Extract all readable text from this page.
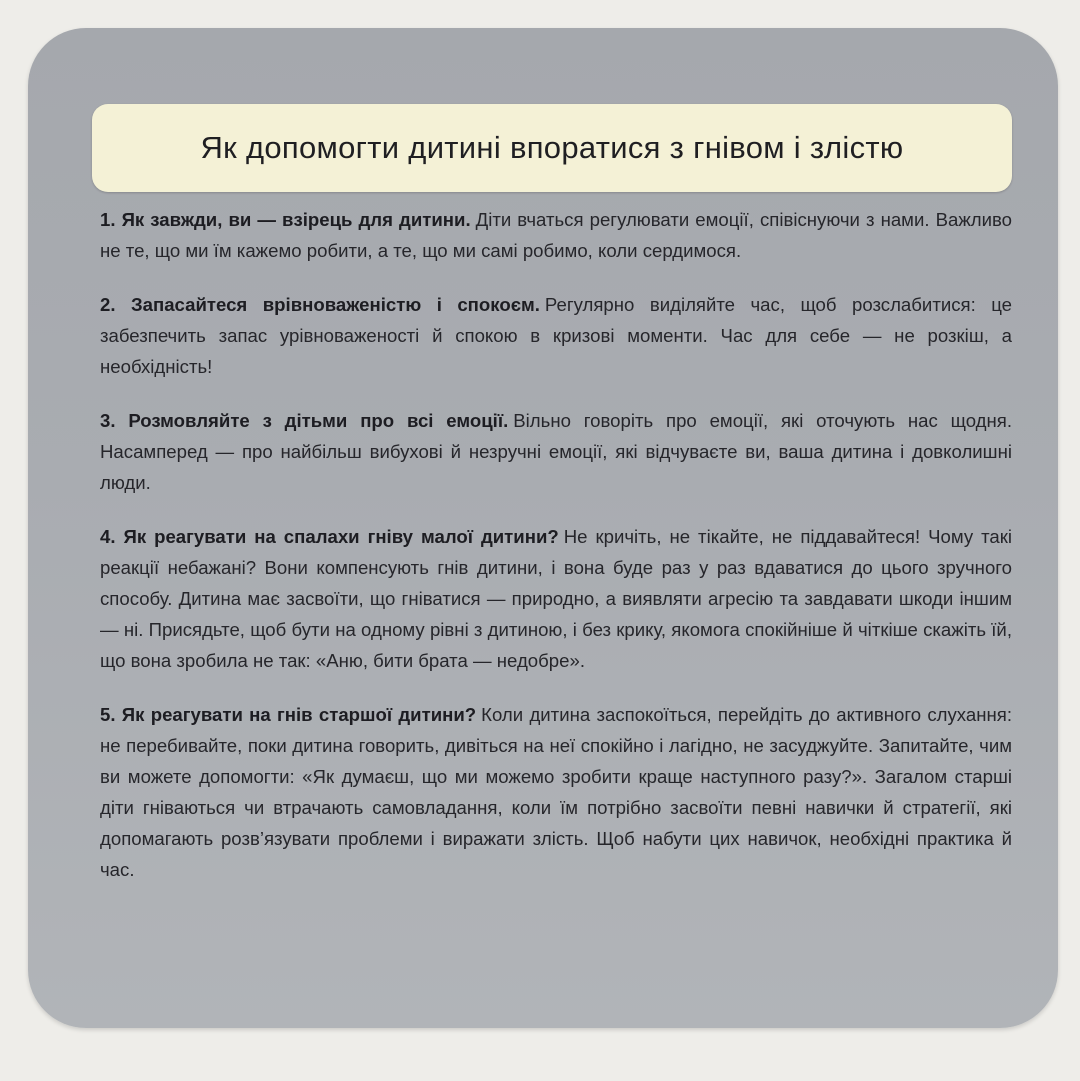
Як допомогти дитині впоратися з гнівом і злістю

1. Як завжди, ви — взірець для дитини. Діти вчаться регулювати емоції, співіснуючи з нами. Важливо не те, що ми їм кажемо робити, а те, що ми самі робимо, коли сердимося.

2. Запасайтеся врівноваженістю і спокоєм. Регулярно виділяйте час, щоб розслабитися: це забезпечить запас урівноваженості й спокою в кризові моменти. Час для себе — не розкіш, а необхідність!

3. Розмовляйте з дітьми про всі емоції. Вільно говоріть про емоції, які оточують нас щодня. Насамперед — про найбільш вибухові й незручні емоції, які відчуваєте ви, ваша дитина і довколишні люди.

4. Як реагувати на спалахи гніву малої дитини? Не кричіть, не тікайте, не піддавайтеся! Чому такі реакції небажані? Вони компенсують гнів дитини, і вона буде раз у раз вдаватися до цього зручного способу. Дитина має засвоїти, що гніватися — природно, а виявляти агресію та завдавати шкоди іншим — ні. Присядьте, щоб бути на одному рівні з дитиною, і без крику, якомога спокійніше й чіткіше скажіть їй, що вона зробила не так: «Аню, бити брата — недобре».

5. Як реагувати на гнів старшої дитини? Коли дитина заспокоїться, перейдіть до активного слухання: не перебивайте, поки дитина говорить, дивіться на неї спокійно і лагідно, не засуджуйте. Запитайте, чим ви можете допомогти: «Як думаєш, що ми можемо зробити краще наступного разу?». Загалом старші діти гніваються чи втрачають самовладання, коли їм потрібно засвоїти певні навички й стратегії, які допомагають розв’язувати проблеми і виражати злість. Щоб набути цих навичок, необхідні практика й час.
